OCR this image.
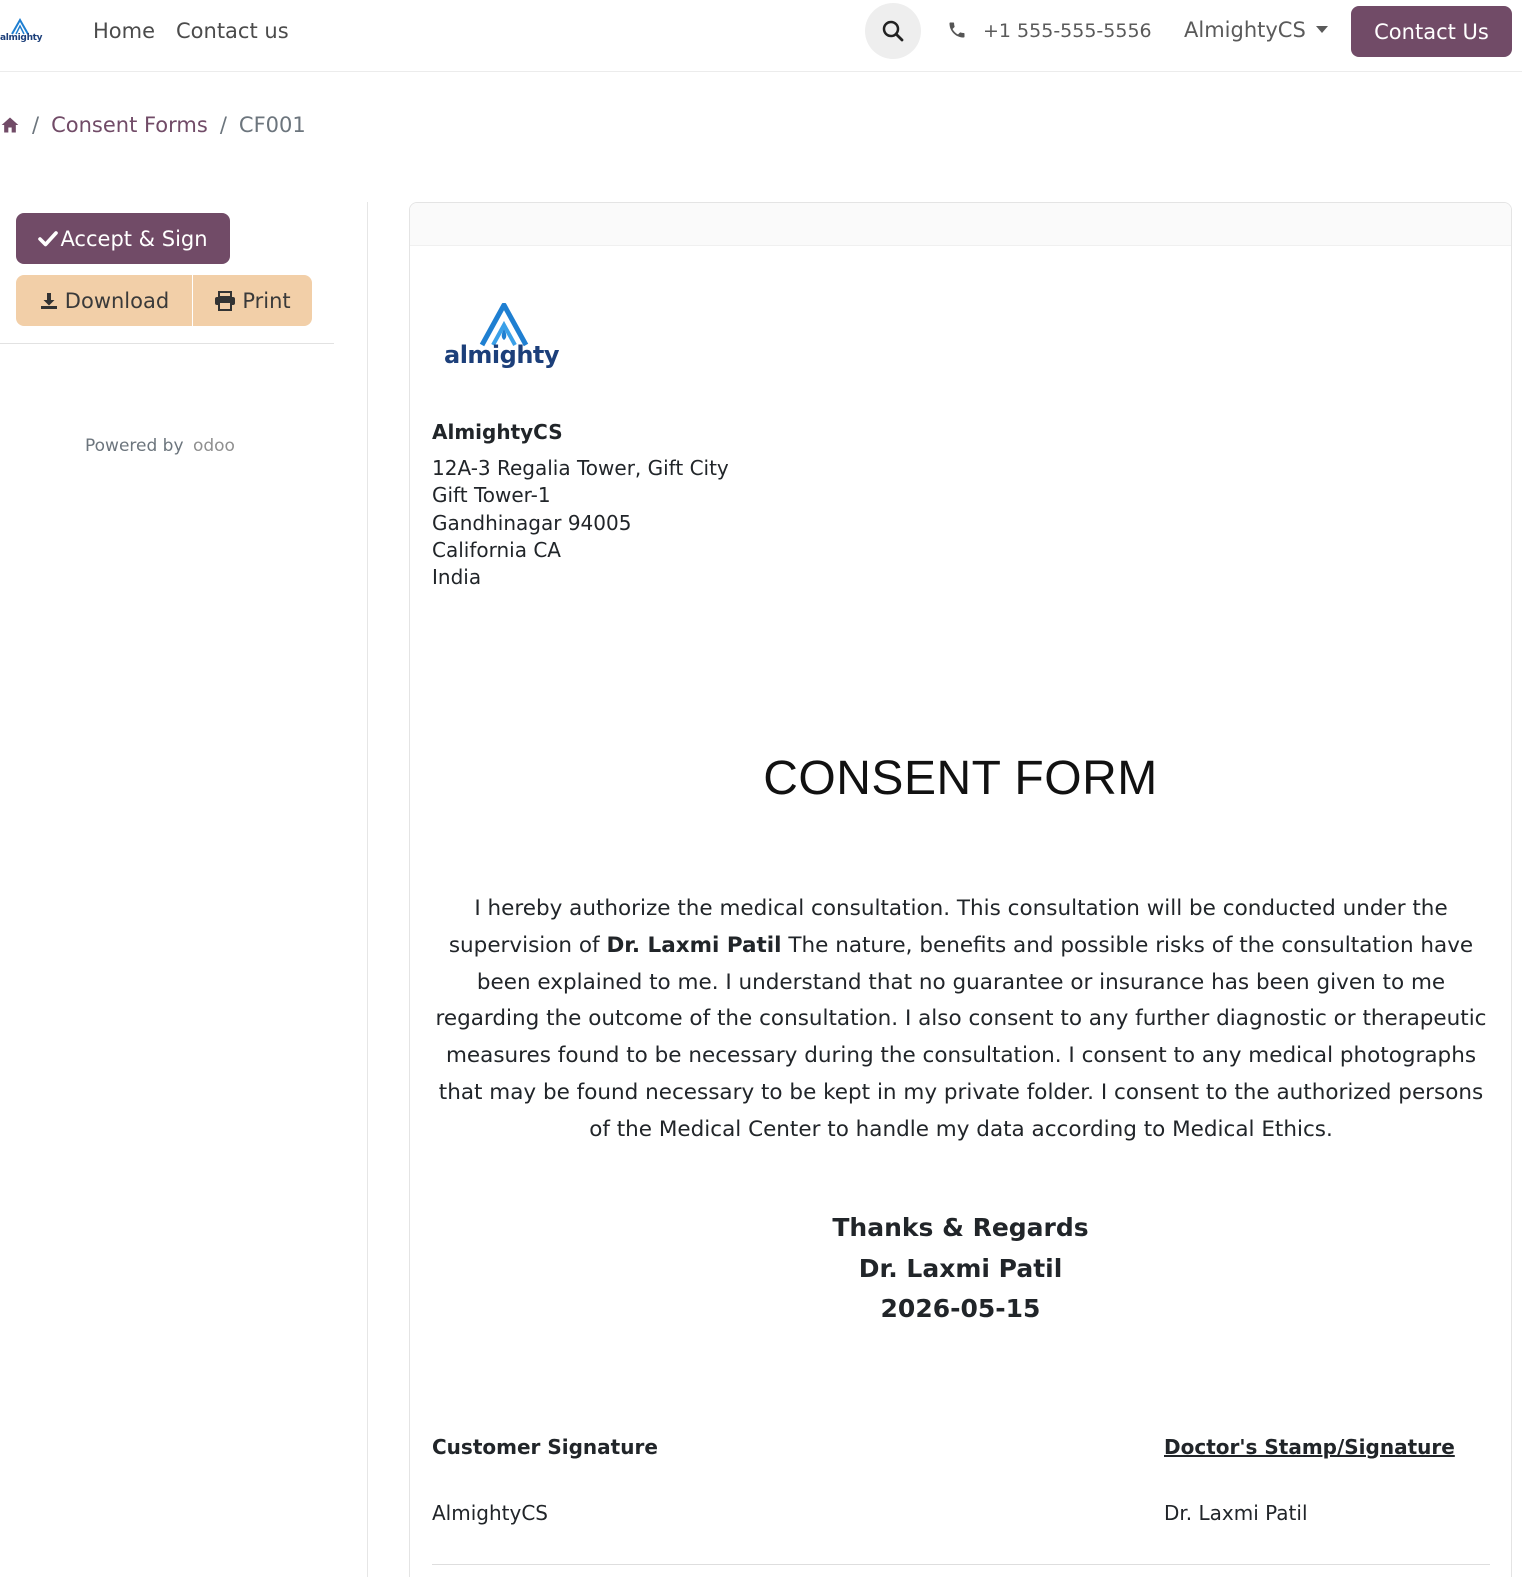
almighty Home Contact us	+1 555-555-5556 AlmightyCS	Contact Us
/ Consent Forms / CF001
Accept & Sign
Download	Print
Powered by odoo
almighty
AlmightyCS
12A-3 Regalia Tower, Gift City
Gift Tower-1
Gandhinagar 94005
California CA
India
CONSENT FORM

I hereby authorize the medical consultation. This consultation will be conducted under the supervision of Dr. Laxmi Patil The nature, benefits and possible risks of the consultation have been explained to me. I understand that no guarantee or insurance has been given to me regarding the outcome of the consultation. I also consent to any further diagnostic or therapeutic measures found to be necessary during the consultation. I consent to any medical photographs that may be found necessary to be kept in my private folder. I consent to the authorized persons of the Medical Center to handle my data according to Medical Ethics.

Thanks & Regards
Dr. Laxmi Patil
2026-05-15
Customer Signature	Doctor's Stamp/Signature
AlmightyCS	Dr. Laxmi Patil
